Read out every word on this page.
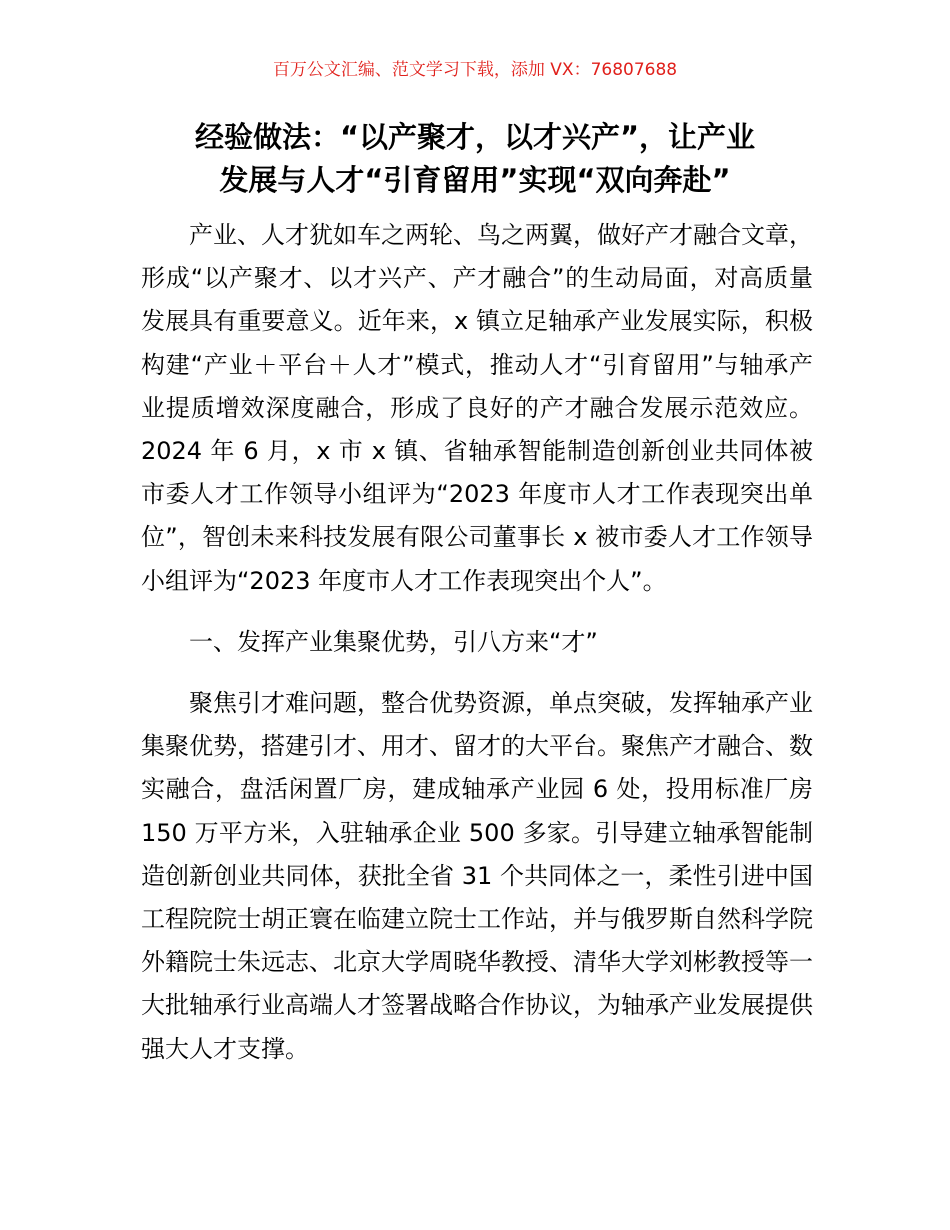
百万公文汇编、范文学习下载，添加 VX：76807688
经验做法：“以产聚才，以才兴产”，让产业
发展与人才“引育留用”实现“双向奔赴”

产业、人才犹如车之两轮、鸟之两翼，做好产才融合文章，形成“以产聚才、以才兴产、产才融合”的生动局面，对高质量发展具有重要意义。近年来，x 镇立足轴承产业发展实际，积极构建“产业＋平台＋人才”模式，推动人才“引育留用”与轴承产业提质增效深度融合，形成了良好的产才融合发展示范效应。2024 年 6 月，x 市 x 镇、省轴承智能制造创新创业共同体被市委人才工作领导小组评为“2023 年度市人才工作表现突出单位”，智创未来科技发展有限公司董事长 x 被市委人才工作领导小组评为“2023 年度市人才工作表现突出个人”。

一、发挥产业集聚优势，引八方来“才”

聚焦引才难问题，整合优势资源，单点突破，发挥轴承产业集聚优势，搭建引才、用才、留才的大平台。聚焦产才融合、数实融合，盘活闲置厂房，建成轴承产业园 6 处，投用标准厂房 150 万平方米，入驻轴承企业 500 多家。引导建立轴承智能制造创新创业共同体，获批全省 31 个共同体之一，柔性引进中国工程院院士胡正寰在临建立院士工作站，并与俄罗斯自然科学院外籍院士朱远志、北京大学周晓华教授、清华大学刘彬教授等一大批轴承行业高端人才签署战略合作协议，为轴承产业发展提供强大人才支撑。
